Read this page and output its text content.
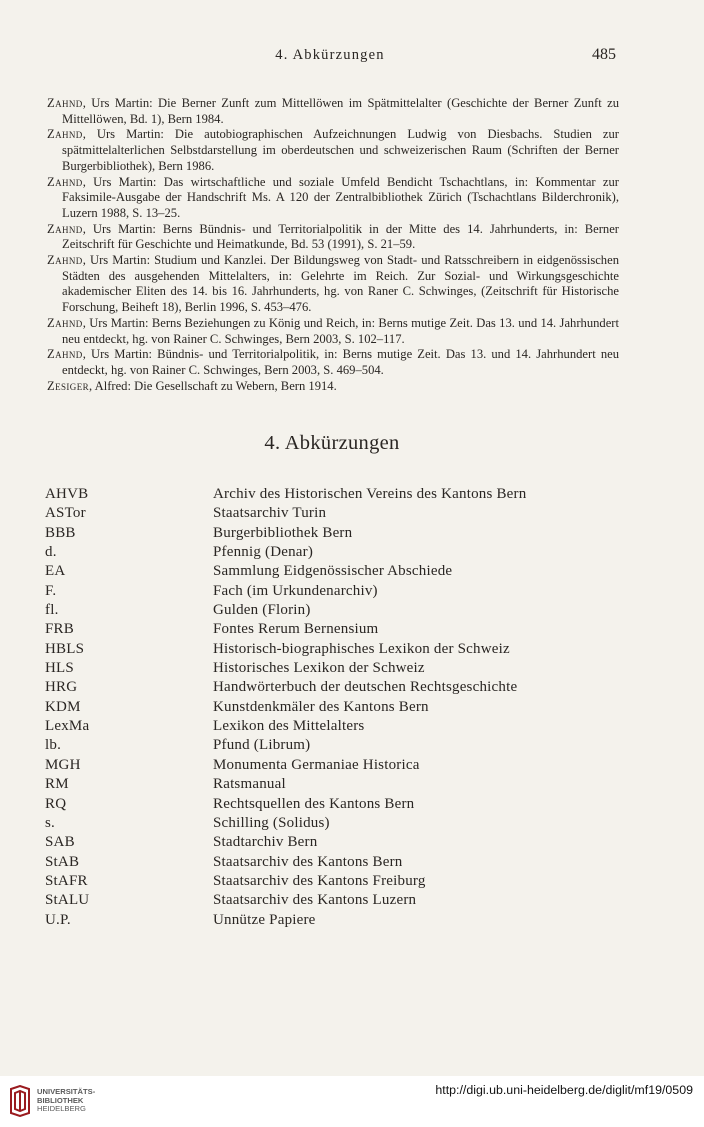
4. Abkürzungen	485

Zahnd, Urs Martin: Die Berner Zunft zum Mittellöwen im Spätmittelalter (Geschichte der Berner Zunft zu Mittellöwen, Bd. 1), Bern 1984.

Zahnd, Urs Martin: Die autobiographischen Aufzeichnungen Ludwig von Diesbachs. Studien zur spätmittelalterlichen Selbstdarstellung im oberdeutschen und schweizerischen Raum (Schriften der Berner Burgerbibliothek), Bern 1986.

Zahnd, Urs Martin: Das wirtschaftliche und soziale Umfeld Bendicht Tschachtlans, in: Kommentar zur Faksimile-Ausgabe der Handschrift Ms. A 120 der Zentralbibliothek Zürich (Tschachtlans Bilderchronik), Luzern 1988, S. 13–25.

Zahnd, Urs Martin: Berns Bündnis- und Territorialpolitik in der Mitte des 14. Jahrhunderts, in: Berner Zeitschrift für Geschichte und Heimatkunde, Bd. 53 (1991), S. 21–59.

Zahnd, Urs Martin: Studium und Kanzlei. Der Bildungsweg von Stadt- und Ratsschreibern in eidgenössischen Städten des ausgehenden Mittelalters, in: Gelehrte im Reich. Zur Sozial- und Wirkungsgeschichte akademischer Eliten des 14. bis 16. Jahrhunderts, hg. von Raner C. Schwinges, (Zeitschrift für Historische Forschung, Beiheft 18), Berlin 1996, S. 453–476.

Zahnd, Urs Martin: Berns Beziehungen zu König und Reich, in: Berns mutige Zeit. Das 13. und 14. Jahrhundert neu entdeckt, hg. von Rainer C. Schwinges, Bern 2003, S. 102–117.

Zahnd, Urs Martin: Bündnis- und Territorialpolitik, in: Berns mutige Zeit. Das 13. und 14. Jahrhundert neu entdeckt, hg. von Rainer C. Schwinges, Bern 2003, S. 469–504.

Zesiger, Alfred: Die Gesellschaft zu Webern, Bern 1914.

4. Abkürzungen
AHVB	Archiv des Historischen Vereins des Kantons Bern
ASTor	Staatsarchiv Turin
BBB	Burgerbibliothek Bern
d.	Pfennig (Denar)
EA	Sammlung Eidgenössischer Abschiede
F.	Fach (im Urkundenarchiv)
fl.	Gulden (Florin)
FRB	Fontes Rerum Bernensium
HBLS	Historisch-biographisches Lexikon der Schweiz
HLS	Historisches Lexikon der Schweiz
HRG	Handwörterbuch der deutschen Rechtsgeschichte
KDM	Kunstdenkmäler des Kantons Bern
LexMa	Lexikon des Mittelalters
lb.	Pfund (Librum)
MGH	Monumenta Germaniae Historica
RM	Ratsmanual
RQ	Rechtsquellen des Kantons Bern
s.	Schilling (Solidus)
SAB	Stadtarchiv Bern
StAB	Staatsarchiv des Kantons Bern
StAFR	Staatsarchiv des Kantons Freiburg
StALU	Staatsarchiv des Kantons Luzern
U.P.	Unnütze Papiere
UNIVERSITÄTS-
BIBLIOTHEK
HEIDELBERG
http://digi.ub.uni-heidelberg.de/diglit/mf19/0509
